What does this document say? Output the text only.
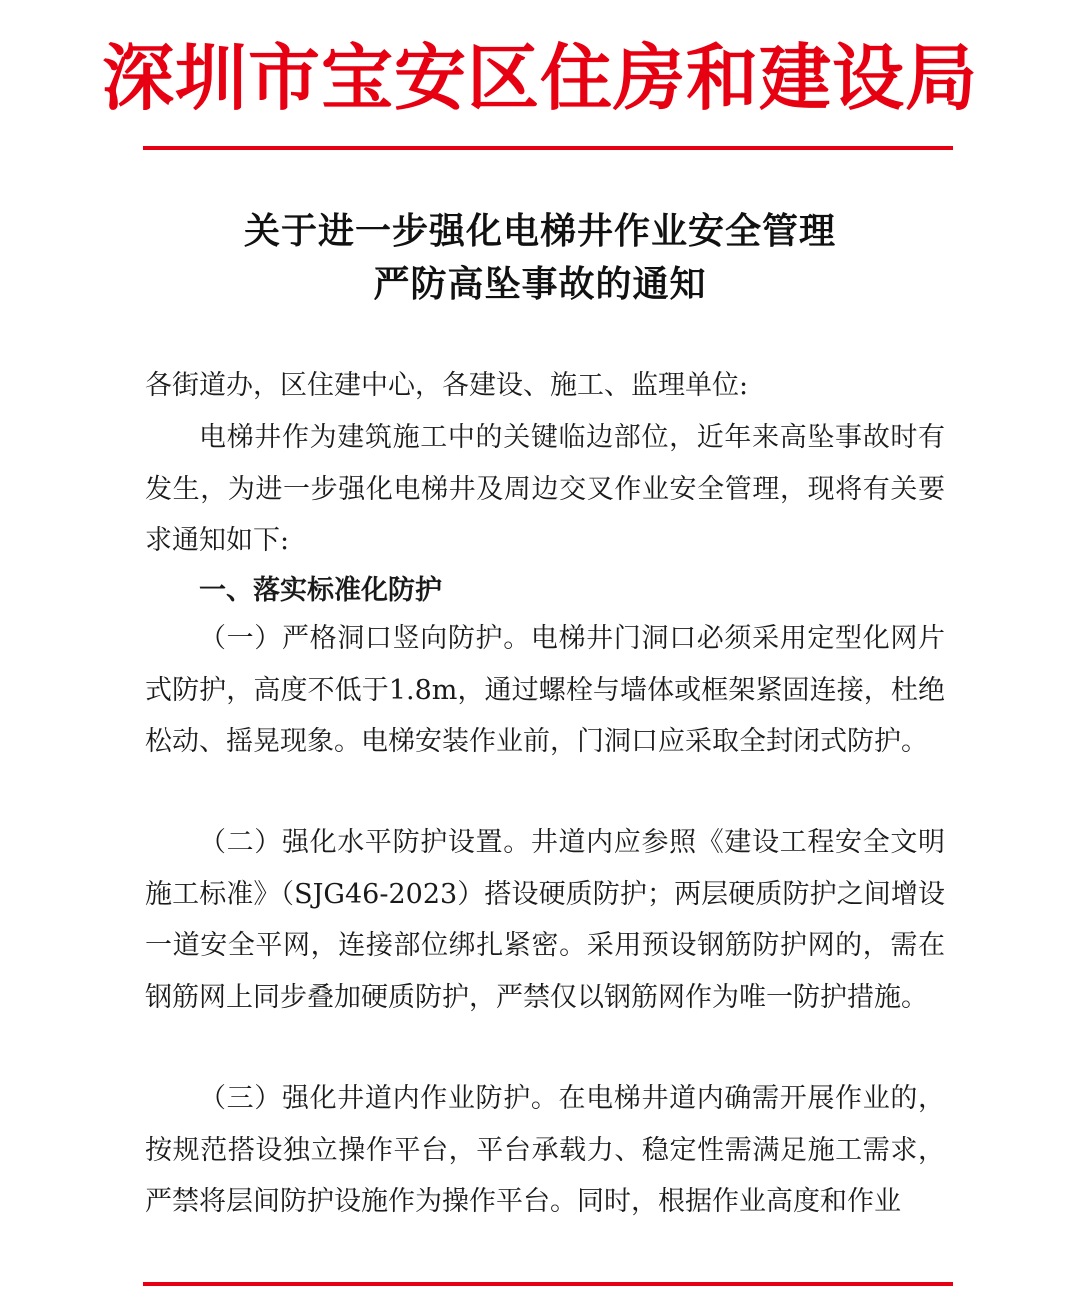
深圳市宝安区住房和建设局
关于进一步强化电梯井作业安全管理
严防高坠事故的通知
各街道办，区住建中心，各建设、施工、监理单位:

电梯井作为建筑施工中的关键临边部位，近年来高坠事故时有发生，为进一步强化电梯井及周边交叉作业安全管理，现将有关要求通知如下:

一、落实标准化防护

（一）严格洞口竖向防护。电梯井门洞口必须采用定型化网片式防护，高度不低于1.8m，通过螺栓与墙体或框架紧固连接，杜绝松动、摇晃现象。电梯安装作业前，门洞口应采取全封闭式防护。

（二）强化水平防护设置。井道内应参照《建设工程安全文明施工标准》（SJG46-2023）搭设硬质防护；两层硬质防护之间增设一道安全平网，连接部位绑扎紧密。采用预设钢筋防护网的，需在钢筋网上同步叠加硬质防护，严禁仅以钢筋网作为唯一防护措施。

（三）强化井道内作业防护。在电梯井道内确需开展作业的，按规范搭设独立操作平台，平台承载力、稳定性需满足施工需求，严禁将层间防护设施作为操作平台。同时，根据作业高度和作业
